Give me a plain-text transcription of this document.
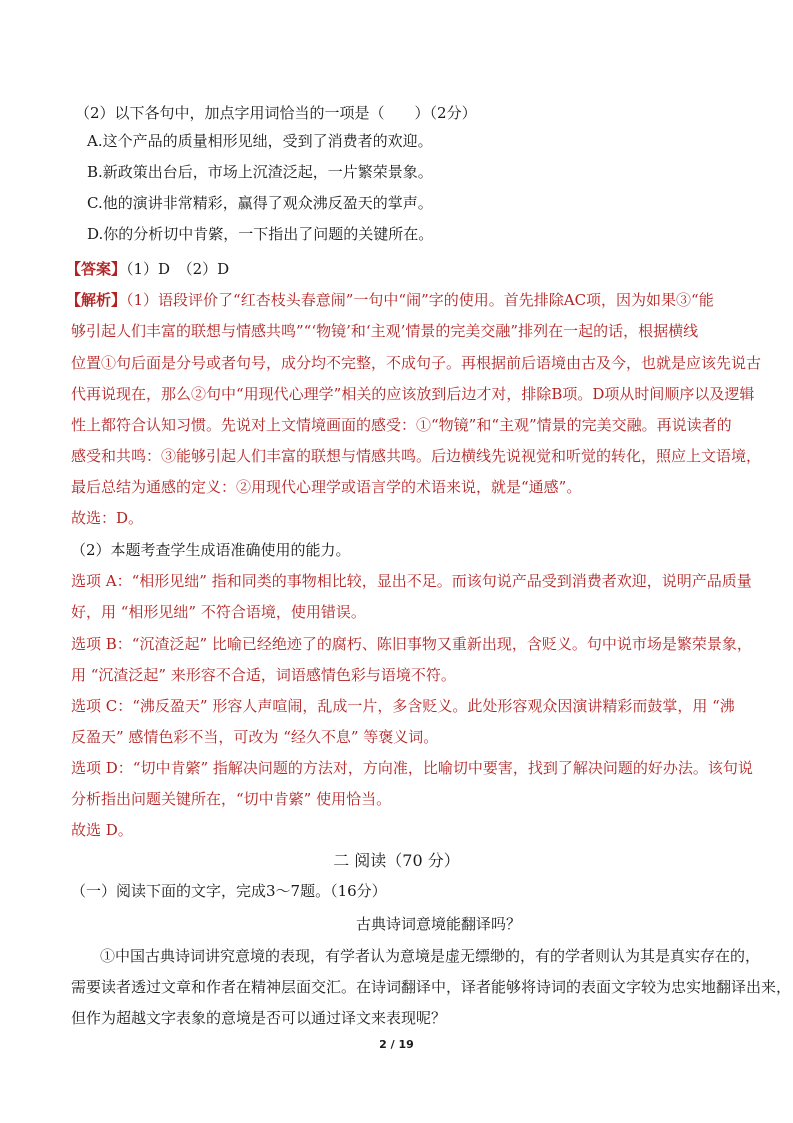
（2）以下各句中，加点字用词恰当的一项是（　　）（2分）
A.这个产品的质量相形见绌，受到了消费者的欢迎。
B.新政策出台后，市场上沉渣泛起，一片繁荣景象。
C.他的演讲非常精彩，赢得了观众沸反盈天的掌声。
D.你的分析切中肯綮，一下指出了问题的关键所在。
【答案】（1）D　（2）D
【解析】（1）语段评价了“红杏枝头春意闹”一句中“闹”字的使用。首先排除AC项，因为如果③“能
够引起人们丰富的联想与情感共鸣”“‘物镜’和‘主观’情景的完美交融”排列在一起的话，根据横线
位置①句后面是分号或者句号，成分均不完整，不成句子。再根据前后语境由古及今，也就是应该先说古
代再说现在，那么②句中“用现代心理学”相关的应该放到后边才对，排除B项。D项从时间顺序以及逻辑
性上都符合认知习惯。先说对上文情境画面的感受：①“物镜”和“主观”情景的完美交融。再说读者的
感受和共鸣：③能够引起人们丰富的联想与情感共鸣。后边横线先说视觉和听觉的转化，照应上文语境，
最后总结为通感的定义：②用现代心理学或语言学的术语来说，就是“通感”。
故选：D。
（2）本题考查学生成语准确使用的能力。
选项 A：“相形见绌” 指和同类的事物相比较，显出不足。而该句说产品受到消费者欢迎，说明产品质量
好，用 “相形见绌” 不符合语境，使用错误。
选项 B：“沉渣泛起” 比喻已经绝迹了的腐朽、陈旧事物又重新出现，含贬义。句中说市场是繁荣景象，
用 “沉渣泛起” 来形容不合适，词语感情色彩与语境不符。
选项 C：“沸反盈天” 形容人声喧闹，乱成一片，多含贬义。此处形容观众因演讲精彩而鼓掌，用 “沸
反盈天” 感情色彩不当，可改为 “经久不息” 等褒义词。
选项 D：“切中肯綮” 指解决问题的方法对，方向准，比喻切中要害，找到了解决问题的好办法。该句说
分析指出问题关键所在，“切中肯綮” 使用恰当。
故选 D。
二 阅读（70 分）
（一）阅读下面的文字，完成3～7题。（16分）
古典诗词意境能翻译吗？
①中国古典诗词讲究意境的表现，有学者认为意境是虚无缥缈的，有的学者则认为其是真实存在的，
需要读者透过文章和作者在精神层面交汇。在诗词翻译中，译者能够将诗词的表面文字较为忠实地翻译出来，
但作为超越文字表象的意境是否可以通过译文来表现呢？
2 / 19
